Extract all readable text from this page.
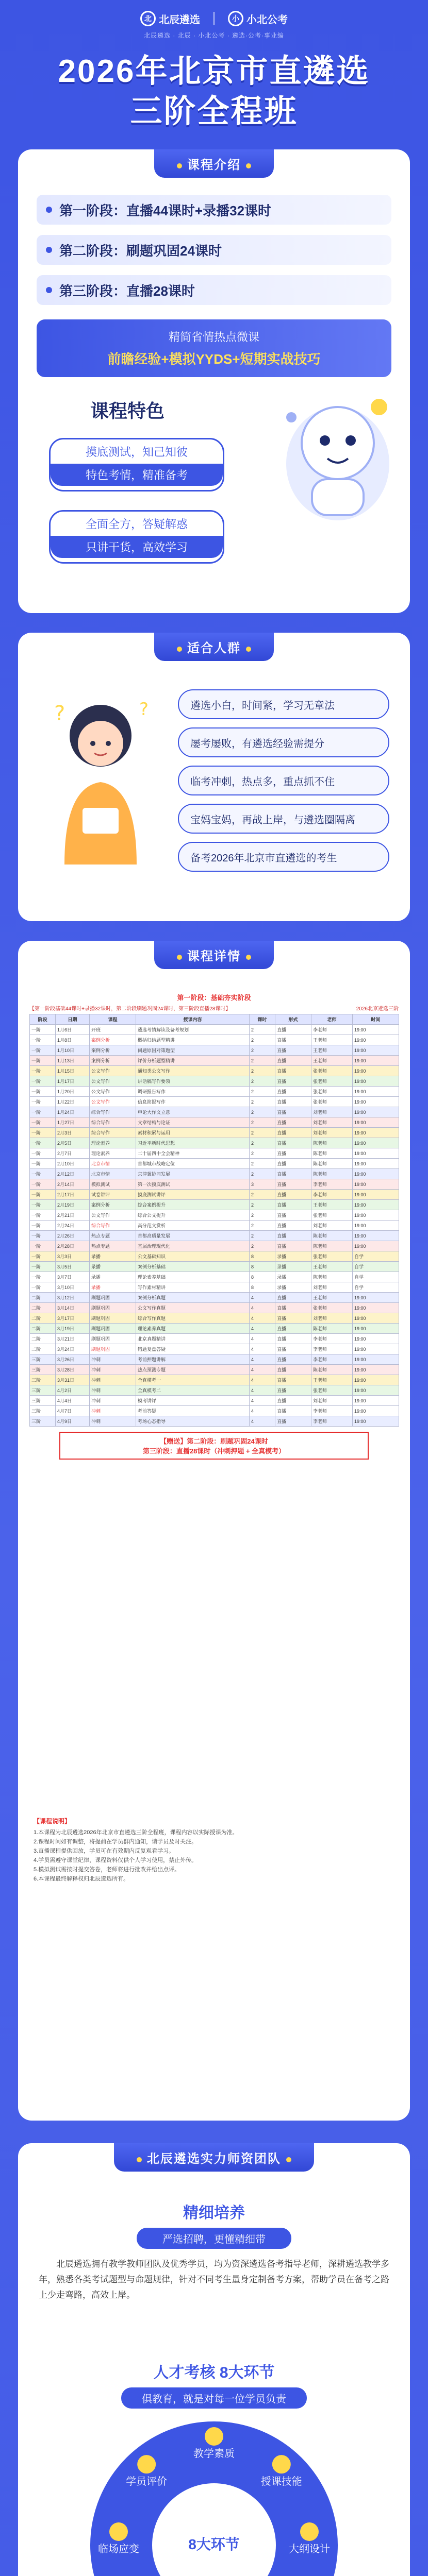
北 北辰遴选	小 小北公考
北辰遴选 · 北辰 · 小北公考 · 遴选·公考·事业编
2026年北京市直遴选
三阶全程班
课程介绍
第一阶段：直播44课时+录播32课时
第二阶段：刷题巩固24课时
第三阶段：直播28课时

精简省情热点微课

前瞻经验+模拟YYDS+短期实战技巧

课程特色
摸底测试，知己知彼
特色考情，精准备考
全面全方，答疑解惑
只讲干货，高效学习
适合人群
?	?	遴选小白，时间紧，学习无章法
屡考屡败，有遴选经验需提分
临考冲刺，热点多，重点抓不住
宝妈宝妈，再战上岸，与遴选圈隔离
备考2026年北京市直遴选的考生
课程详情
第一阶段：基础夯实阶段
【第一阶段基础44课时+录播32课时，第二阶段刷题巩固24课时，第三阶段直播28课时】	2026北京遴选三阶
阶段	日期	课程	授课内容	课时	形式	老师	时间
一阶	1月6日	开班	遴选考情解读及备考规划	2	直播	李老师	19:00
一阶	1月8日	案例分析	概括归纳题型精讲	2	直播	王老师	19:00
一阶	1月10日	案例分析	问题原因对策题型	2	直播	王老师	19:00
一阶	1月13日	案例分析	评价分析题型精讲	2	直播	王老师	19:00
一阶	1月15日	公文写作	通知类公文写作	2	直播	张老师	19:00
一阶	1月17日	公文写作	讲话稿写作要领	2	直播	张老师	19:00
一阶	1月20日	公文写作	调研报告写作	2	直播	张老师	19:00
一阶	1月22日	公文写作	信息简报写作	2	直播	张老师	19:00
一阶	1月24日	综合写作	申论大作文立意	2	直播	刘老师	19:00
一阶	1月27日	综合写作	文章结构与论证	2	直播	刘老师	19:00
一阶	2月3日	综合写作	素材积累与运用	2	直播	刘老师	19:00
一阶	2月5日	理论素养	习近平新时代思想	2	直播	陈老师	19:00
一阶	2月7日	理论素养	二十届四中全会精神	2	直播	陈老师	19:00
一阶	2月10日	北京市情	首都城市战略定位	2	直播	陈老师	19:00
一阶	2月12日	北京市情	京津冀协同发展	2	直播	陈老师	19:00
一阶	2月14日	模拟测试	第一次摸底测试	3	直播	李老师	19:00
一阶	2月17日	试卷讲评	摸底测试讲评	2	直播	李老师	19:00
一阶	2月19日	案例分析	综合案例提升	2	直播	王老师	19:00
一阶	2月21日	公文写作	综合公文提升	2	直播	张老师	19:00
一阶	2月24日	综合写作	高分范文赏析	2	直播	刘老师	19:00
一阶	2月26日	热点专题	首都高质量发展	2	直播	陈老师	19:00
一阶	2月28日	热点专题	基层治理现代化	2	直播	陈老师	19:00
一阶	3月3日	录播	公文基础知识	8	录播	张老师	自学
一阶	3月5日	录播	案例分析基础	8	录播	王老师	自学
一阶	3月7日	录播	理论素养基础	8	录播	陈老师	自学
一阶	3月10日	录播	写作素材精讲	8	录播	刘老师	自学
二阶	3月12日	刷题巩固	案例分析真题	4	直播	王老师	19:00
二阶	3月14日	刷题巩固	公文写作真题	4	直播	张老师	19:00
二阶	3月17日	刷题巩固	综合写作真题	4	直播	刘老师	19:00
二阶	3月19日	刷题巩固	理论素养真题	4	直播	陈老师	19:00
二阶	3月21日	刷题巩固	北京真题精讲	4	直播	李老师	19:00
二阶	3月24日	刷题巩固	错题复盘答疑	4	直播	李老师	19:00
三阶	3月26日	冲刺	考前押题讲解	4	直播	李老师	19:00
三阶	3月28日	冲刺	热点预测专题	4	直播	陈老师	19:00
三阶	3月31日	冲刺	全真模考一	4	直播	王老师	19:00
三阶	4月2日	冲刺	全真模考二	4	直播	张老师	19:00
三阶	4月4日	冲刺	模考讲评	4	直播	刘老师	19:00
三阶	4月7日	冲刺	考前答疑	4	直播	李老师	19:00
三阶	4月9日	冲刺	考场心态指导	4	直播	李老师	19:00
【赠送】第二阶段：刷题巩固24课时
第三阶段：直播28课时（冲刺押题 + 全真模考）
【课程说明】

1.本课程为北辰遴选2026年北京市直遴选三阶全程班，课程内容以实际授课为准。

2.课程时间如有调整，将提前在学员群内通知，请学员及时关注。

3.直播课程提供回放，学员可在有效期内反复观看学习。

4.学员需遵守课堂纪律，课程资料仅供个人学习使用，禁止外传。

5.模拟测试需按时提交答卷，老师将进行批改并给出点评。

6.本课程最终解释权归北辰遴选所有。

北辰遴选实力师资团队
精细培养
严选招聘，更懂精细带

北辰遴选拥有教学教师团队及优秀学员，均为资深遴选备考指导老师，深耕遴选教学多年，熟悉各类考试题型与命题规律，针对不同考生量身定制备考方案，帮助学员在备考之路上少走弯路，高效上岸。

人才考核 8大环节
俱教育，就是对每一位学员负责
教学素质
授课技能
大纲设计
临场应变
学员评价
8大环节
